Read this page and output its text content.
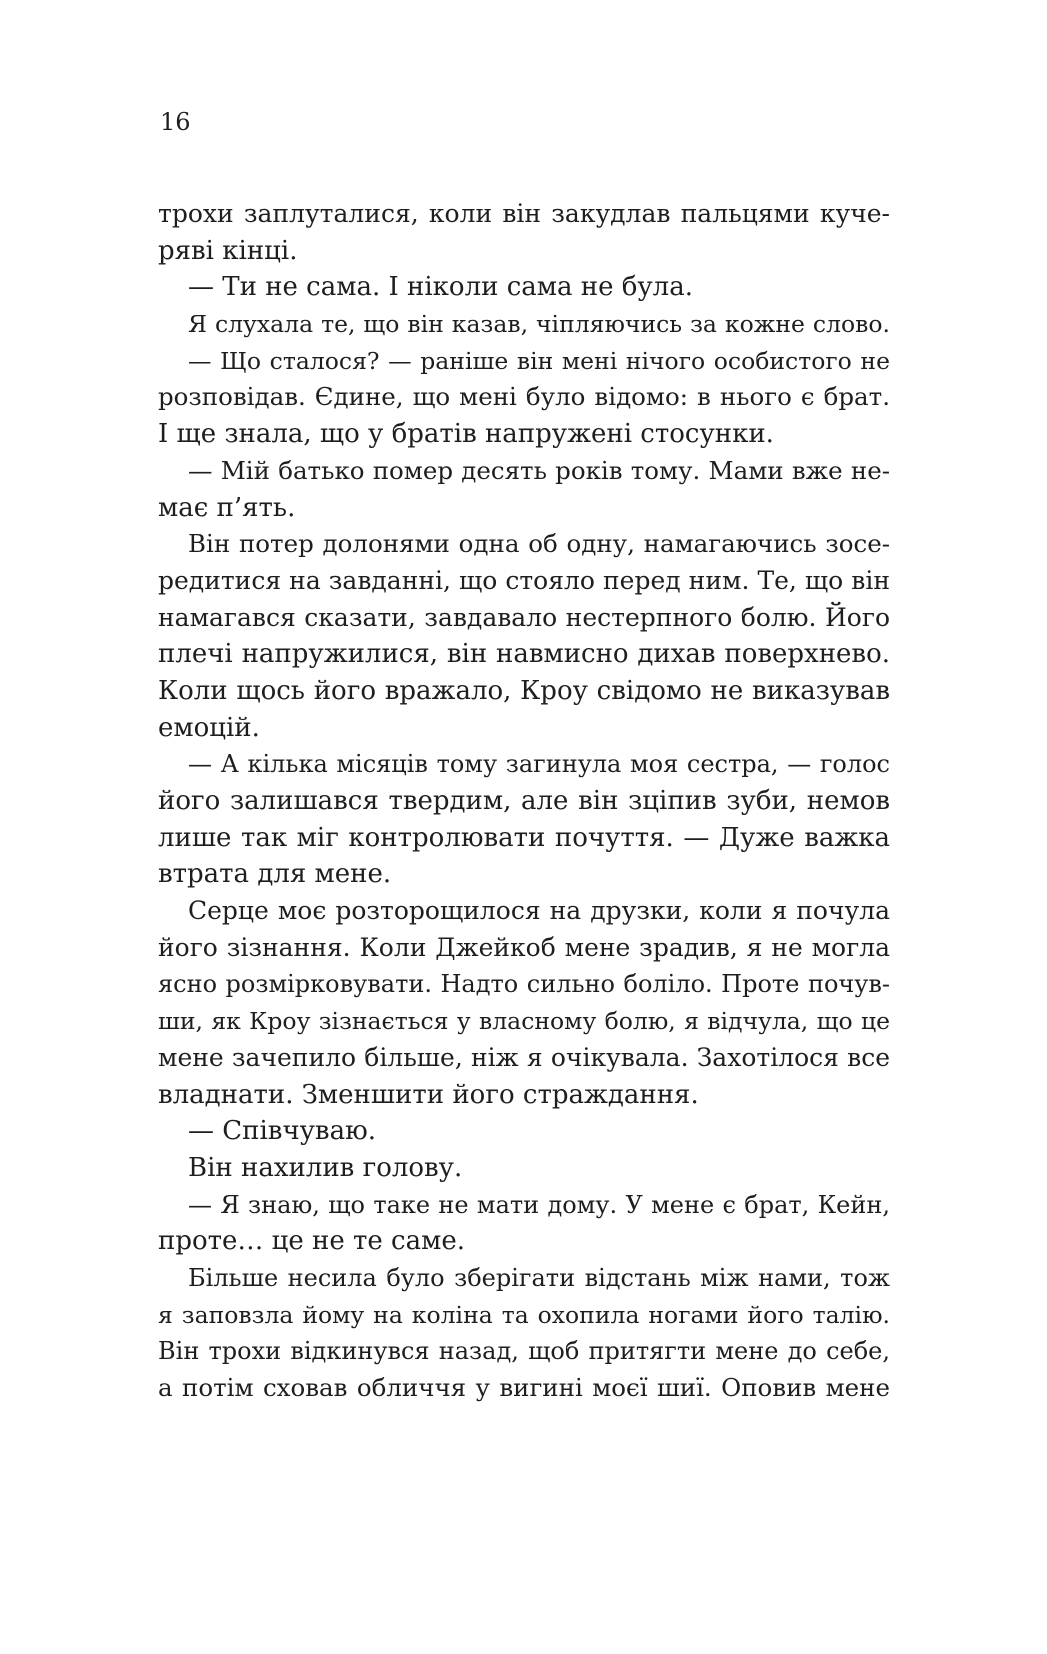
16
трохи заплуталися, коли він закудлав пальцями куче-
ряві кінці.
— Ти не сама. І ніколи сама не була.
Я слухала те, що він казав, чіпляючись за кожне слово.
— Що сталося? — раніше він мені нічого особистого не
розповідав. Єдине, що мені було відомо: в нього є брат.
І ще знала, що у братів напружені стосунки.
— Мій батько помер десять років тому. Мами вже не-
має п’ять.
Він потер долонями одна об одну, намагаючись зосе-
редитися на завданні, що стояло перед ним. Те, що він
намагався сказати, завдавало нестерпного болю. Його
плечі напружилися, він навмисно дихав поверхнево.
Коли щось його вражало, Кроу свідомо не виказував
емоцій.
— А кілька місяців тому загинула моя сестра, — голос
його залишався твердим, але він зціпив зуби, немов
лише так міг контролювати почуття. — Дуже важка
втрата для мене.
Серце моє розторощилося на друзки, коли я почула
його зізнання. Коли Джейкоб мене зрадив, я не могла
ясно розмірковувати. Надто сильно боліло. Проте почув-
ши, як Кроу зізнається у власному болю, я відчула, що це
мене зачепило більше, ніж я очікувала. Захотілося все
владнати. Зменшити його страждання.
— Співчуваю.
Він нахилив голову.
— Я знаю, що таке не мати дому. У мене є брат, Кейн,
проте… це не те саме.
Більше несила було зберігати відстань між нами, тож
я заповзла йому на коліна та охопила ногами його талію.
Він трохи відкинувся назад, щоб притягти мене до себе,
а потім сховав обличчя у вигині моєї шиї. Оповив мене
